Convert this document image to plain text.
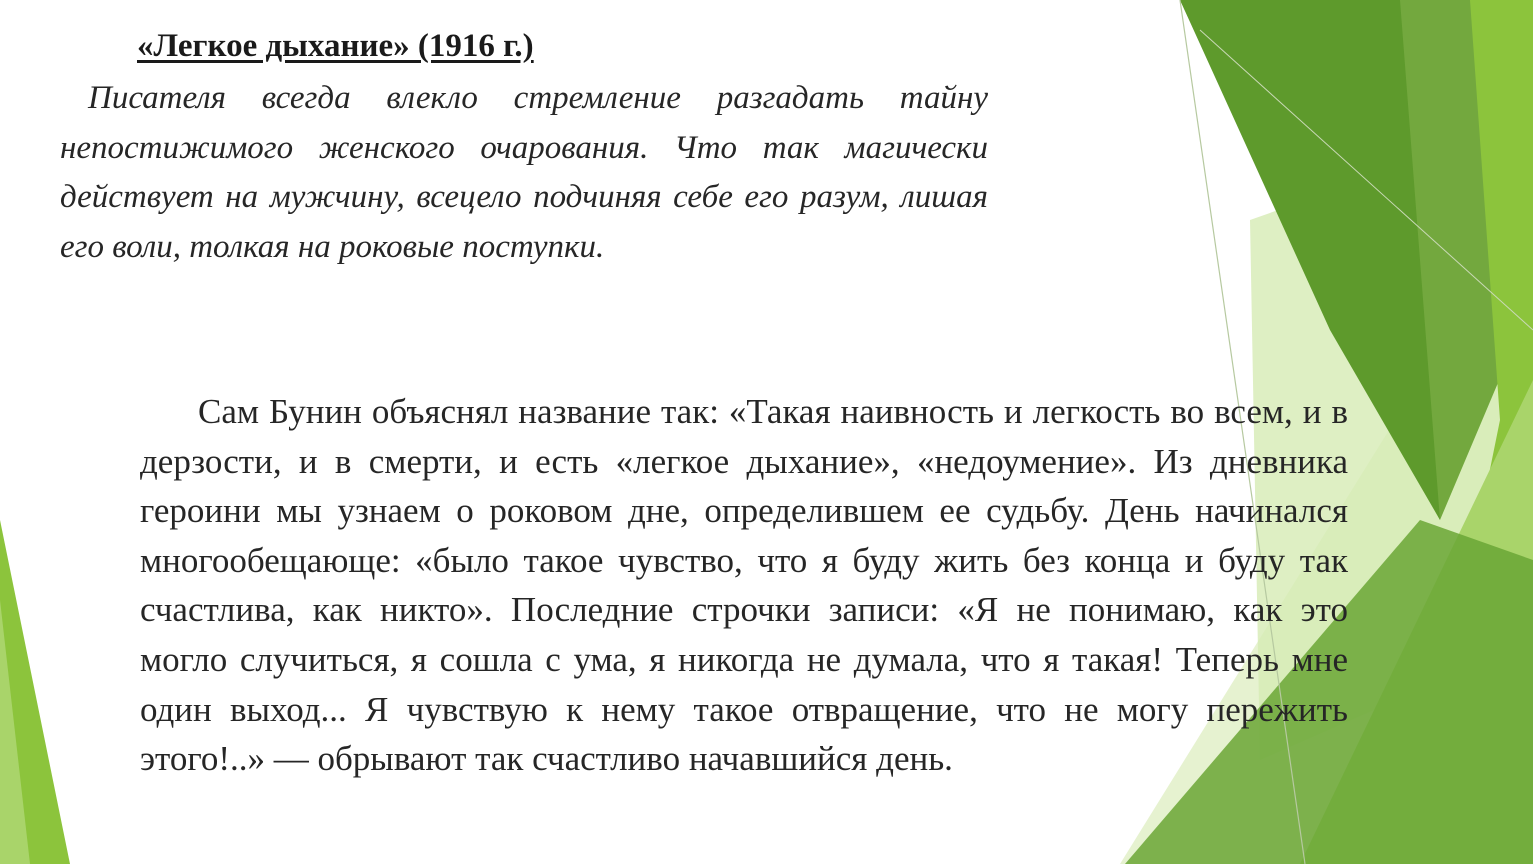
«Легкое дыхание» (1916 г.)

Писателя всегда влекло стремление разгадать тайну непостижимого женского очарования. Что так магически действует на мужчину, всецело подчиняя себе его разум, лишая его воли, толкая на роковые поступки.

Сам Бунин объяснял название так: «Такая наивность и легкость во всем, и в дерзости, и в смерти, и есть «легкое дыхание», «недоумение». Из дневника героини мы узнаем о роковом дне, определившем ее судьбу. День начинался многообещающе: «было такое чувство, что я буду жить без конца и буду так счастлива, как никто». Последние строчки записи: «Я не понимаю, как это могло случиться, я сошла с ума, я никогда не думала, что я такая! Теперь мне один выход... Я чувствую к нему такое отвращение, что не могу пережить этого!..» — обрывают так счастливо начавшийся день.
